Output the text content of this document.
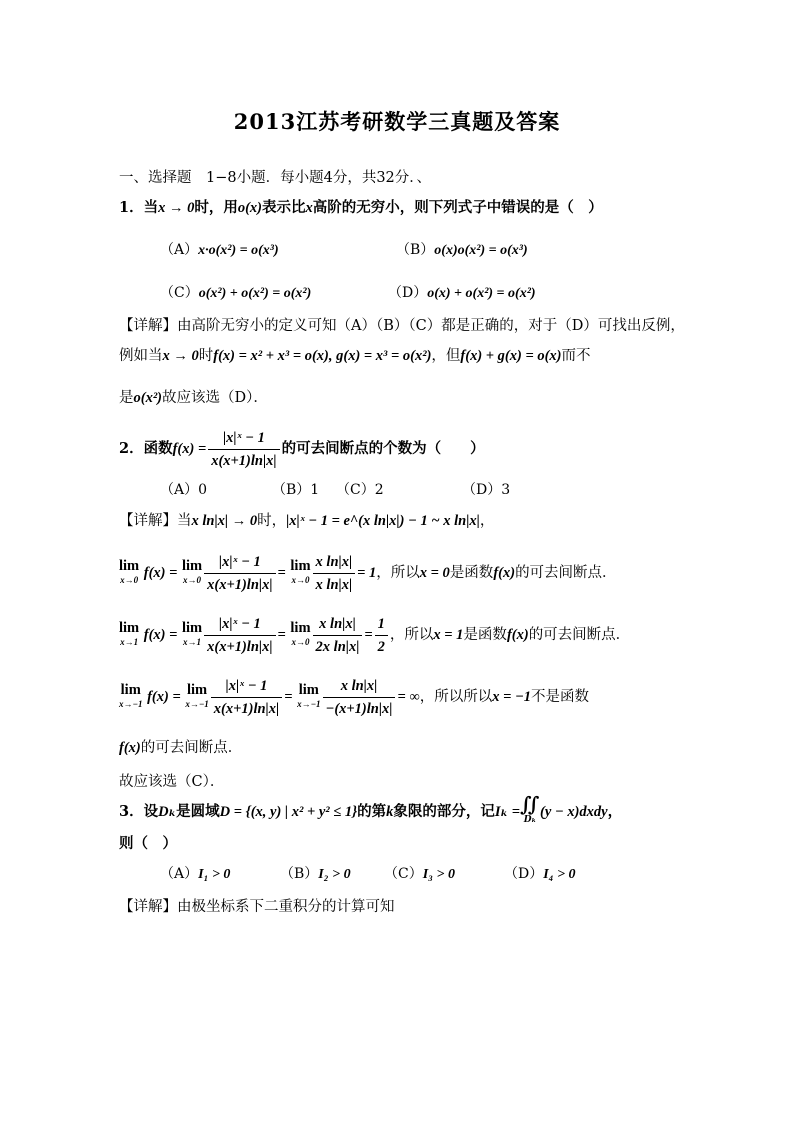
2013江苏考研数学三真题及答案
一、选择题　1−8小题．每小题4分，共32分．、
1．当x → 0时，用o(x)表示比x高阶的无穷小，则下列式子中错误的是（　）
（A）x·o(x²) = o(x³)	（B）o(x)o(x²) = o(x³)
（C）o(x²) + o(x²) = o(x²)	（D）o(x) + o(x²) = o(x²)
【详解】由高阶无穷小的定义可知（A）（B）（C）都是正确的，对于（D）可找出反例，
例如当x → 0时f(x) = x² + x³ = o(x), g(x) = x³ = o(x²)，但f(x) + g(x) = o(x)而不
是o(x²)故应该选（D）．
2．函数$f(x) = \frac{\text{|x|ˣ − 1}}{x(x+1)\ln|x|}$ 的可去间断点的个数为（　　）
（A）0	（B）1 （C）2	（D）3
【详解】当x ln|x| → 0时，|x|ˣ − 1 = e^(x ln|x|) − 1 ~ x ln|x|，
lim
x→0 f(x) = lim
$x\to 0 \frac{\text{|x|ˣ − 1}}{x(x+1)\ln|x|} = \lim$
$x\to 0 \frac{\text{x ln|x|}}{\text{x ln|x|}} = 1$，所以x = 0是函数f(x)的可去间断点．
lim
x→1 f(x) = lim
$x\to 1 \frac{\text{|x|ˣ − 1}}{x(x+1)\ln|x|} = \lim$
$x\to 0 \frac{\text{x ln|x|}}{\text{2x ln|x|}} = \frac{1}{2}$ ，所以x = 1是函数f(x)的可去间断点．
lim
x→−1 f(x) = lim
$x\to-1 \frac{\text{|x|ˣ − 1}}{x(x+1)\ln|x|} = \lim$
$x\to-1 \frac{\text{x ln|x|}}{-(x+1)\ln|x|}$ = ∞，所以所以x = −1不是函数
f(x)的可去间断点．
故应该选（C）．
3．设Dₖ是圆域D = {(x, y) | x² + y² ≤ 1}的第k象限的部分，记Iₖ =∬
Dₖ (y − x)dxdy，
则（　）
（A）I₁ > 0	（B）I₂ > 0 （C）I₃ > 0	（D）I₄ > 0
【详解】由极坐标系下二重积分的计算可知
